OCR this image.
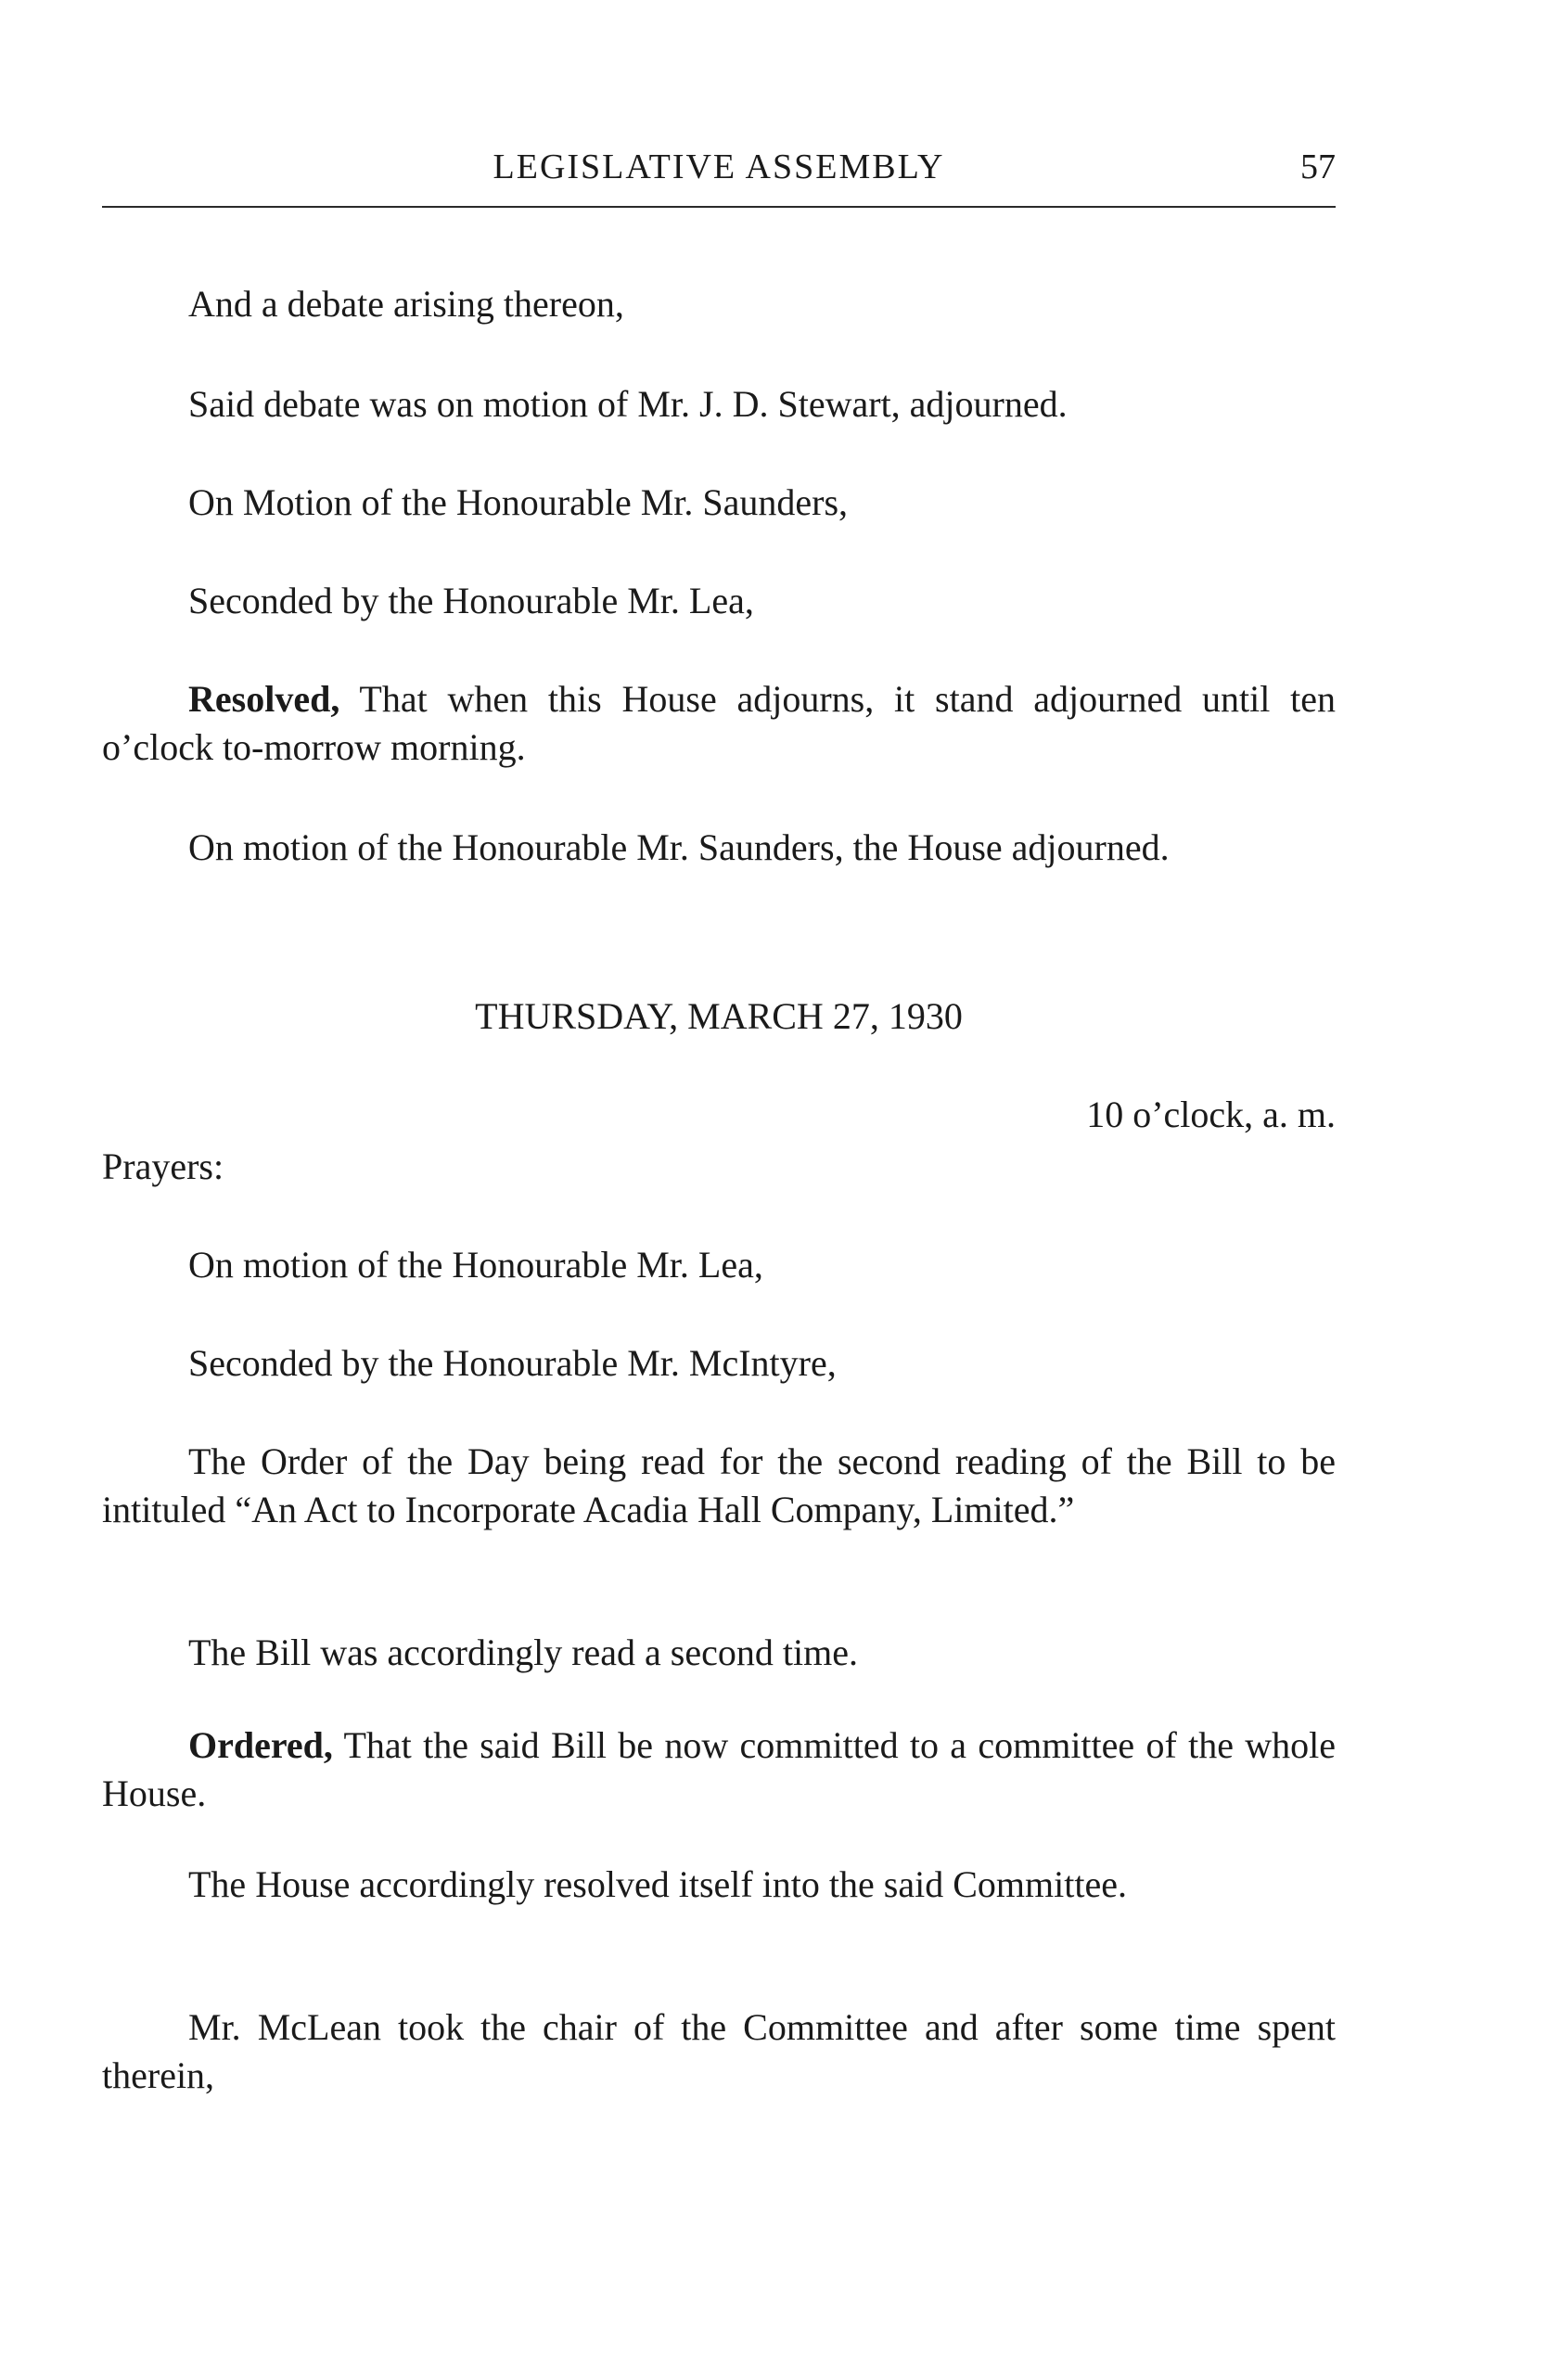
LEGISLATIVE ASSEMBLY	57
And a debate arising thereon,
Said debate was on motion of Mr. J. D. Stewart, adjourned.
On Motion of the Honourable Mr. Saunders,
Seconded by the Honourable Mr. Lea,
Resolved, That when this House adjourns, it stand adjourned until ten o’clock to-morrow morning.
On motion of the Honourable Mr. Saunders, the House adjourned.
THURSDAY, MARCH 27, 1930
10 o’clock, a. m.
Prayers:
On motion of the Honourable Mr. Lea,
Seconded by the Honourable Mr. McIntyre,
The Order of the Day being read for the second reading of the Bill to be intituled “An Act to Incorporate Acadia Hall Company, Limited.”
The Bill was accordingly read a second time.
Ordered, That the said Bill be now committed to a committee of the whole House.
The House accordingly resolved itself into the said Committee.
Mr. McLean took the chair of the Committee and after some time spent therein,
